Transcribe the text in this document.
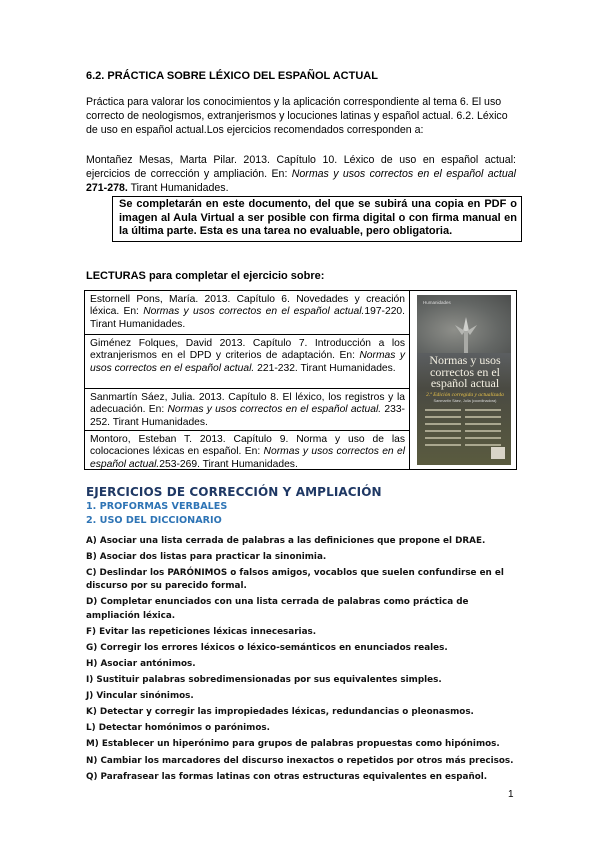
6.2. PRÁCTICA SOBRE LÉXICO DEL ESPAÑOL ACTUAL
Práctica para valorar los conocimientos y la aplicación correspondiente al tema 6. El uso correcto de neologismos, extranjerismos y locuciones latinas y español actual. 6.2. Léxico de uso en español actual.Los ejercicios recomendados corresponden a:
Montañez Mesas, Marta Pilar. 2013. Capítulo 10. Léxico de uso en español actual: ejercicios de corrección y ampliación. En: Normas y usos correctos en el español actual 271-278. Tirant Humanidades.
Se completarán en este documento, del que se subirá una copia en PDF o imagen al Aula Virtual a ser posible con firma digital o con firma manual en la última parte. Esta es una tarea no evaluable, pero obligatoria.
LECTURAS para completar el ejercicio sobre:
Estornell Pons, María. 2013. Capítulo 6. Novedades y creación léxica. En: Normas y usos correctos en el español actual.197-220. Tirant Humanidades.
Giménez Folques, David 2013. Capítulo 7. Introducción a los extranjerismos en el DPD y criterios de adaptación. En: Normas y usos correctos en el español actual. 221-232. Tirant Humanidades.
Sanmartín Sáez, Julia. 2013. Capítulo 8. El léxico, los registros y la adecuación. En: Normas y usos correctos en el español actual. 233-252. Tirant Humanidades.
Montoro, Esteban T. 2013. Capítulo 9. Norma y uso de las colocaciones léxicas en español. En: Normas y usos correctos en el español actual.253-269. Tirant Humanidades.
Humanidades
Normas y usos correctos en el español actual
2.ª Edición corregida y actualizada
Sanmartín Sáez, Julia (coordinadora)
EJERCICIOS DE CORRECCIÓN Y AMPLIACIÓN
1. PROFORMAS VERBALES
2. USO DEL DICCIONARIO
A) Asociar una lista cerrada de palabras a las definiciones que propone el DRAE.
B) Asociar dos listas para practicar la sinonimia.
C) Deslindar los PARÓNIMOS o falsos amigos, vocablos que suelen confundirse en el discurso por su parecido formal.
D) Completar enunciados con una lista cerrada de palabras como práctica de ampliación léxica.
F) Evitar las repeticiones léxicas innecesarias.
G) Corregir los errores léxicos o léxico-semánticos en enunciados reales.
H) Asociar antónimos.
I) Sustituir palabras sobredimensionadas por sus equivalentes simples.
J) Vincular sinónimos.
K) Detectar y corregir las impropiedades léxicas, redundancias o pleonasmos.
L) Detectar homónimos o parónimos.
M) Establecer un hiperónimo para grupos de palabras propuestas como hipónimos.
N) Cambiar los marcadores del discurso inexactos o repetidos por otros más precisos.
Q) Parafrasear las formas latinas con otras estructuras equivalentes en español.
1
